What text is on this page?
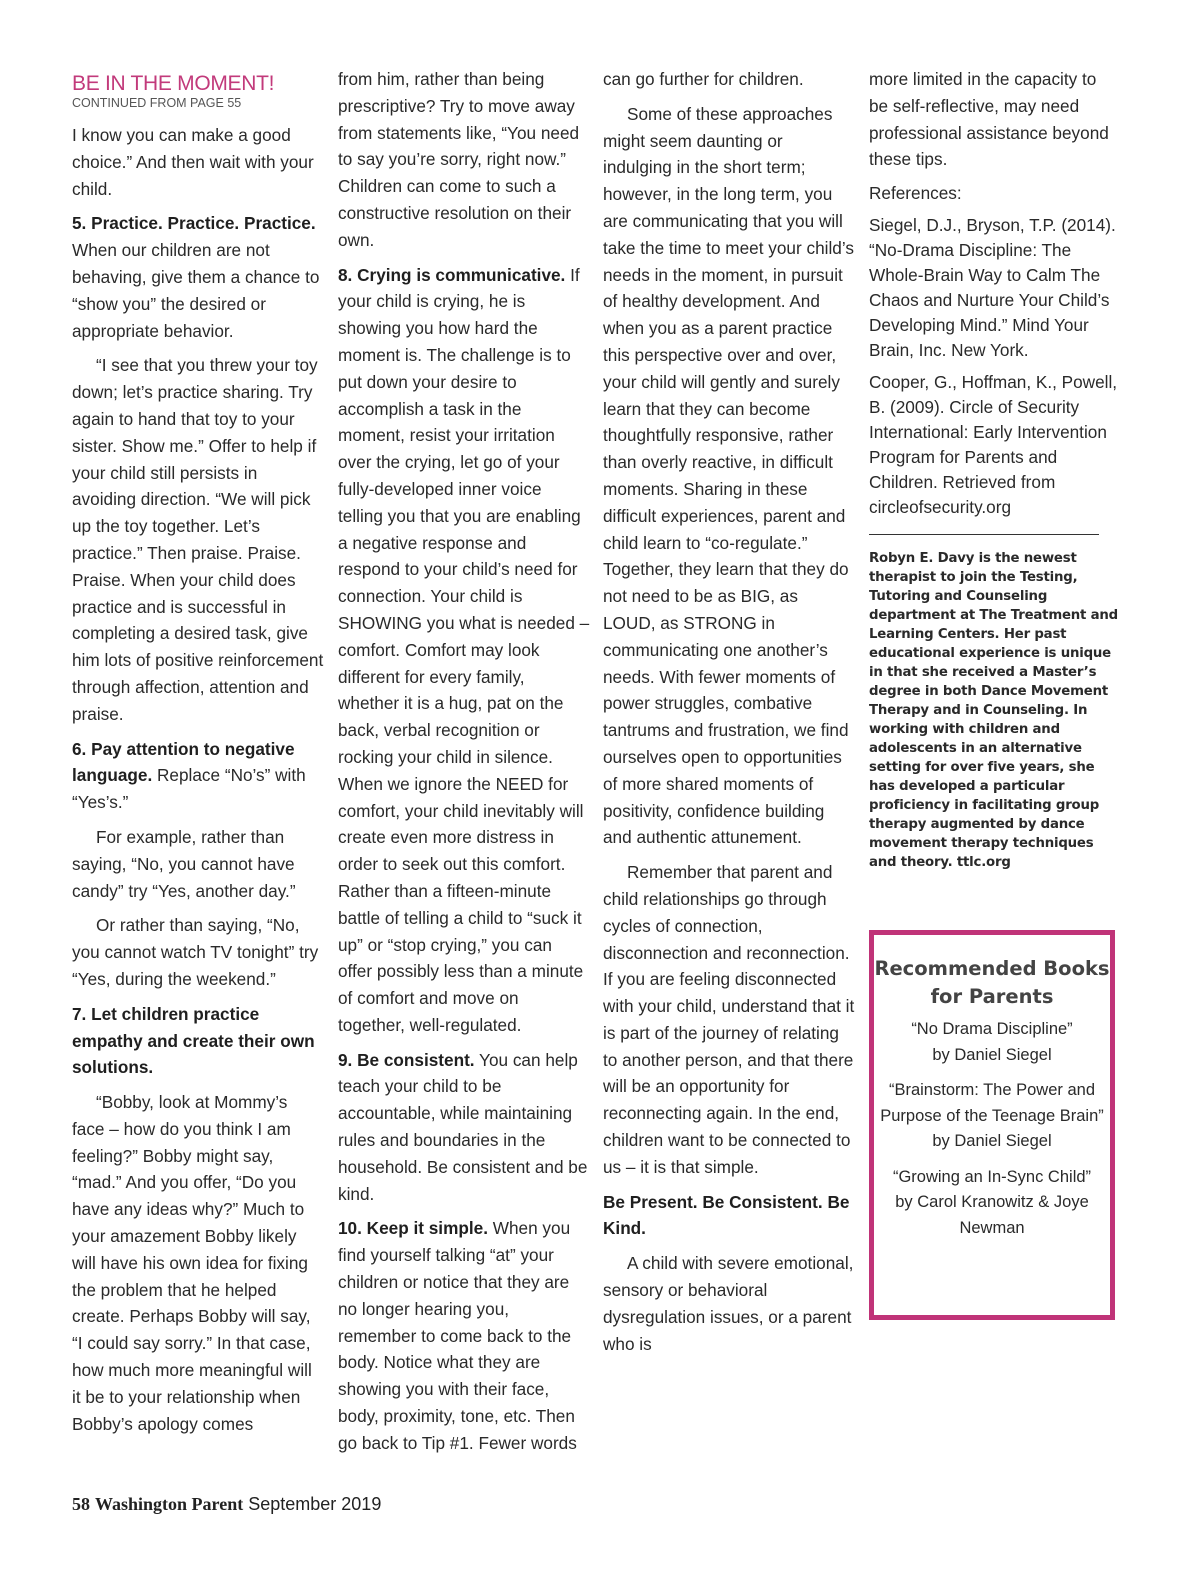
BE IN THE MOMENT!
CONTINUED FROM PAGE 55

I know you can make a good choice.” And then wait with your child.

5. Practice. Practice. Practice. When our children are not behaving, give them a chance to “show you” the desired or appropriate behavior.

“I see that you threw your toy down; let’s practice sharing. Try again to hand that toy to your sister. Show me.” Offer to help if your child still persists in avoiding direction. “We will pick up the toy together. Let’s practice.” Then praise. Praise. Praise. When your child does practice and is successful in completing a desired task, give him lots of positive reinforcement through affection, attention and praise.

6. Pay attention to negative language. Replace “No’s” with “Yes’s.”

For example, rather than saying, “No, you cannot have candy” try “Yes, another day.”

Or rather than saying, “No, you cannot watch TV tonight” try “Yes, during the weekend.”

7. Let children practice empathy and create their own solutions.

“Bobby, look at Mommy’s face – how do you think I am feeling?” Bobby might say, “mad.” And you offer, “Do you have any ideas why?” Much to your amazement Bobby likely will have his own idea for fixing the problem that he helped create. Perhaps Bobby will say, “I could say sorry.” In that case, how much more meaningful will it be to your relationship when Bobby’s apology comes

from him, rather than being prescriptive? Try to move away from statements like, “You need to say you’re sorry, right now.” Children can come to such a constructive resolution on their own.

8. Crying is communicative. If your child is crying, he is showing you how hard the moment is. The challenge is to put down your desire to accomplish a task in the moment, resist your irritation over the crying, let go of your fully-developed inner voice telling you that you are enabling a negative response and respond to your child’s need for connection. Your child is SHOWING you what is needed – comfort. Comfort may look different for every family, whether it is a hug, pat on the back, verbal recognition or rocking your child in silence. When we ignore the NEED for comfort, your child inevitably will create even more distress in order to seek out this comfort. Rather than a fifteen-minute battle of telling a child to “suck it up” or “stop crying,” you can offer possibly less than a minute of comfort and move on together, well-regulated.

9. Be consistent. You can help teach your child to be accountable, while maintaining rules and boundaries in the household. Be consistent and be kind.

10. Keep it simple. When you find yourself talking “at” your children or notice that they are no longer hearing you, remember to come back to the body. Notice what they are showing you with their face, body, proximity, tone, etc. Then go back to Tip #1. Fewer words

can go further for children.

Some of these approaches might seem daunting or indulging in the short term; however, in the long term, you are communicating that you will take the time to meet your child’s needs in the moment, in pursuit of healthy development. And when you as a parent practice this perspective over and over, your child will gently and surely learn that they can become thoughtfully responsive, rather than overly reactive, in difficult moments. Sharing in these difficult experiences, parent and child learn to “co-regulate.” Together, they learn that they do not need to be as BIG, as LOUD, as STRONG in communicating one another’s needs. With fewer moments of power struggles, combative tantrums and frustration, we find ourselves open to opportunities of more shared moments of positivity, confidence building and authentic attunement.

Remember that parent and child relationships go through cycles of connection, disconnection and reconnection. If you are feeling disconnected with your child, understand that it is part of the journey of relating to another person, and that there will be an opportunity for reconnecting again. In the end, children want to be connected to us – it is that simple.

Be Present. Be Consistent. Be Kind.

A child with severe emotional, sensory or behavioral dysregulation issues, or a parent who is

more limited in the capacity to be self-reflective, may need professional assistance beyond these tips.

References:

Siegel, D.J., Bryson, T.P. (2014). “No-Drama Discipline: The Whole-Brain Way to Calm The Chaos and Nurture Your Child’s Developing Mind.” Mind Your Brain, Inc. New York.

Cooper, G., Hoffman, K., Powell, B. (2009). Circle of Security International: Early Intervention Program for Parents and Children. Retrieved from circleofsecurity.org

Robyn E. Davy is the newest therapist to join the Testing, Tutoring and Counseling department at The Treatment and Learning Centers. Her past educational experience is unique in that she received a Master’s degree in both Dance Movement Therapy and in Counseling. In working with children and adolescents in an alternative setting for over five years, she has developed a particular proficiency in facilitating group therapy augmented by dance movement therapy techniques and theory. ttlc.org
Recommended Books for Parents
“No Drama Discipline”
by Daniel Siegel
“Brainstorm: The Power and Purpose of the Teenage Brain”
by Daniel Siegel
“Growing an In-Sync Child”
by Carol Kranowitz & Joye Newman
58 Washington Parent September 2019
